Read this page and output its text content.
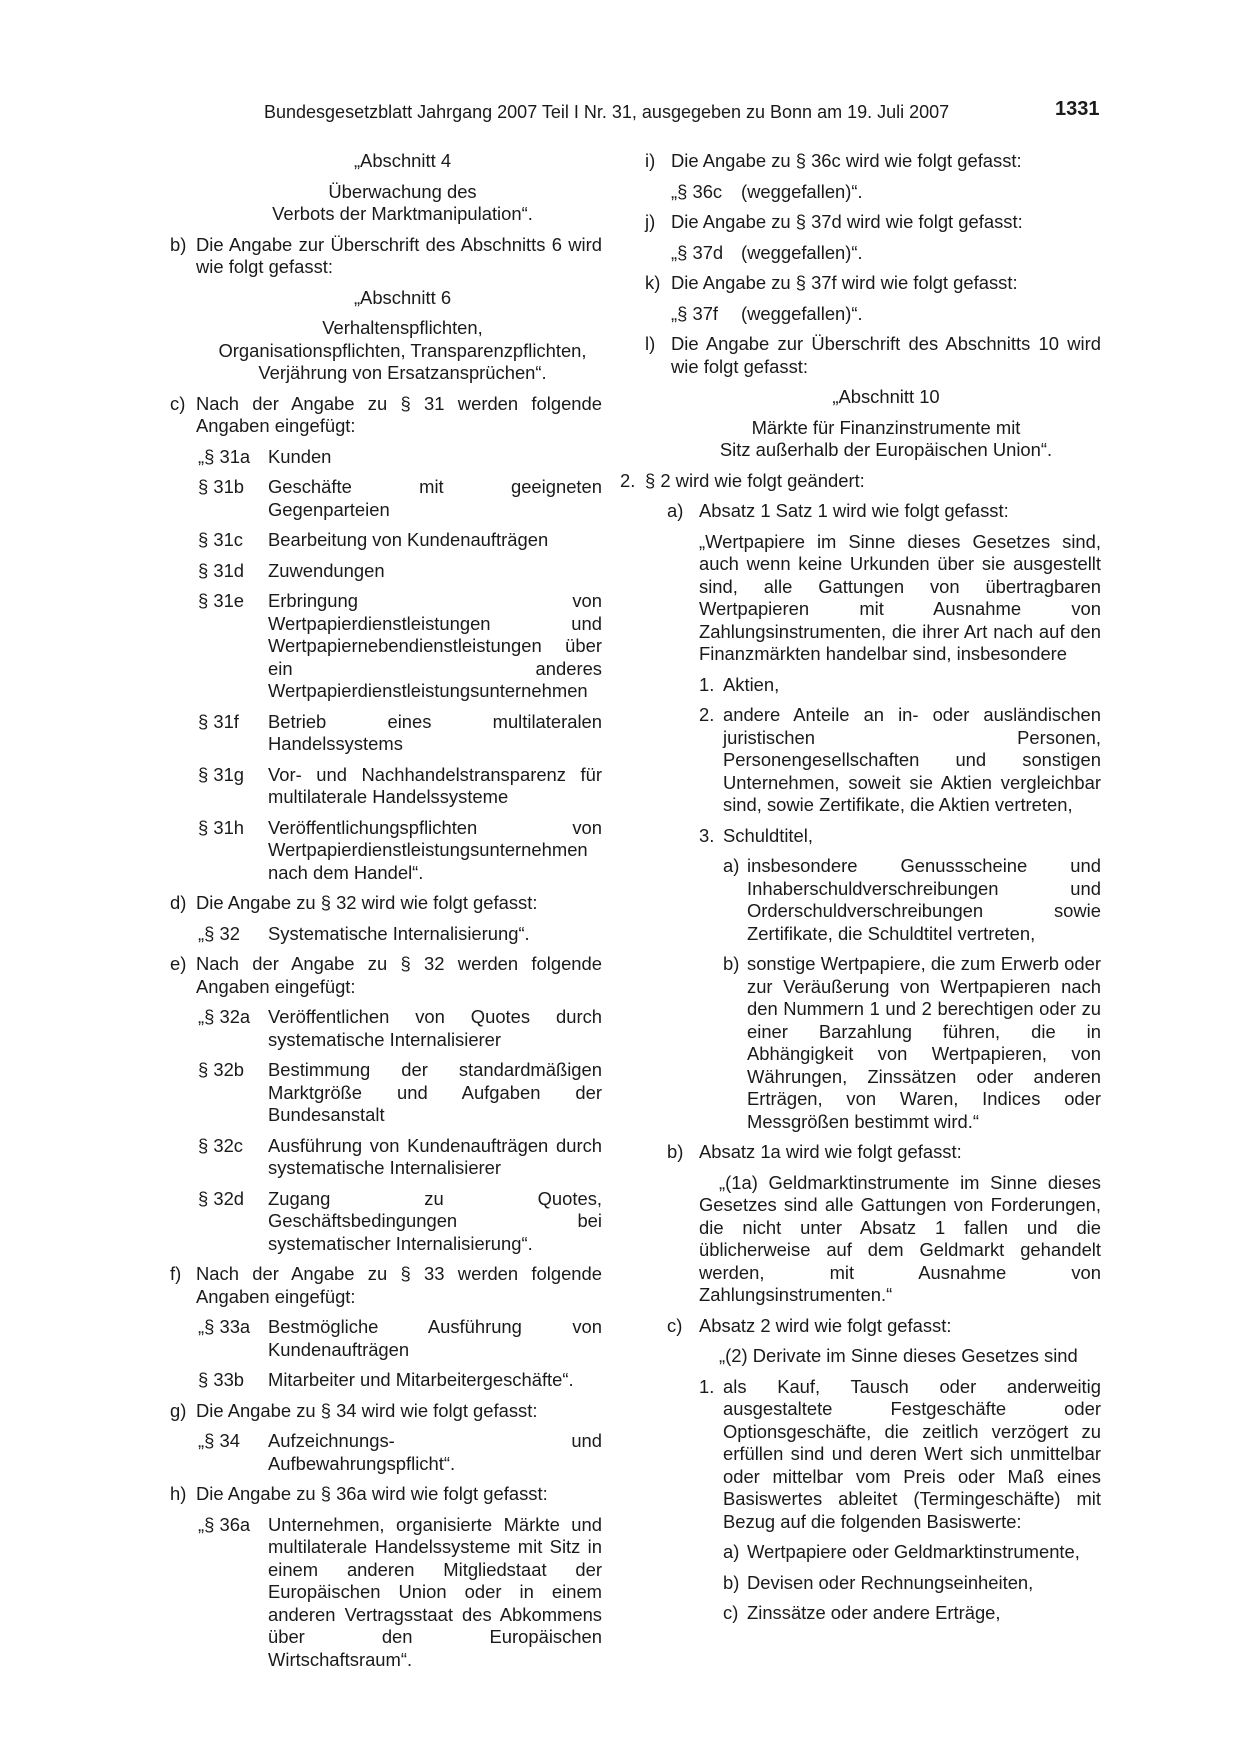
Bundesgesetzblatt Jahrgang 2007 Teil I Nr. 31, ausgegeben zu Bonn am 19. Juli 2007	1331
„Abschnitt 4
Überwachung des
Verbots der Marktmanipulation“.
b) Die Angabe zur Überschrift des Abschnitts 6 wird wie folgt gefasst:
„Abschnitt 6
Verhaltenspflichten,
Organisationspflichten, Transparenzpflichten,
Verjährung von Ersatzansprüchen“.
c) Nach der Angabe zu § 31 werden folgende Angaben eingefügt:
„§ 31a Kunden
§ 31b	Geschäfte mit geeigneten Gegenparteien
§ 31c	Bearbeitung von Kundenaufträgen
§ 31d	Zuwendungen
§ 31e	Erbringung von Wertpapierdienstleistungen und Wertpapiernebendienstleistungen über ein anderes Wertpapierdienstleistungsunternehmen
§ 31f	Betrieb eines multilateralen Handelssystems
§ 31g	Vor- und Nachhandelstransparenz für multilaterale Handelssysteme
§ 31h	Veröffentlichungspflichten von Wertpapierdienstleistungsunternehmen nach dem Handel“.
d) Die Angabe zu § 32 wird wie folgt gefasst:
„§ 32	Systematische Internalisierung“.
e) Nach der Angabe zu § 32 werden folgende Angaben eingefügt:
„§ 32a Veröffentlichen von Quotes durch systematische Internalisierer
§ 32b	Bestimmung der standardmäßigen Marktgröße und Aufgaben der Bundesanstalt
§ 32c	Ausführung von Kundenaufträgen durch systematische Internalisierer
§ 32d	Zugang zu Quotes, Geschäftsbedingungen bei systematischer Internalisierung“.
f) Nach der Angabe zu § 33 werden folgende Angaben eingefügt:
„§ 33a Bestmögliche Ausführung von Kundenaufträgen
§ 33b	Mitarbeiter und Mitarbeitergeschäfte“.
g) Die Angabe zu § 34 wird wie folgt gefasst:
„§ 34	Aufzeichnungs- und Aufbewahrungspflicht“.
h) Die Angabe zu § 36a wird wie folgt gefasst:
„§ 36a Unternehmen, organisierte Märkte und multilaterale Handelssysteme mit Sitz in einem anderen Mitgliedstaat der Europäischen Union oder in einem anderen Vertragsstaat des Abkommens über den Europäischen Wirtschaftsraum“.
i) Die Angabe zu § 36c wird wie folgt gefasst:
„§ 36c	(weggefallen)“.
j) Die Angabe zu § 37d wird wie folgt gefasst:
„§ 37d (weggefallen)“.
k) Die Angabe zu § 37f wird wie folgt gefasst:
„§ 37f	(weggefallen)“.
l) Die Angabe zur Überschrift des Abschnitts 10 wird wie folgt gefasst:
„Abschnitt 10
Märkte für Finanzinstrumente mit
Sitz außerhalb der Europäischen Union“.
2. § 2 wird wie folgt geändert:
a) Absatz 1 Satz 1 wird wie folgt gefasst:
„Wertpapiere im Sinne dieses Gesetzes sind, auch wenn keine Urkunden über sie ausgestellt sind, alle Gattungen von übertragbaren Wertpapieren mit Ausnahme von Zahlungsinstrumenten, die ihrer Art nach auf den Finanzmärkten handelbar sind, insbesondere
1. Aktien,
2. andere Anteile an in- oder ausländischen juristischen Personen, Personengesellschaften und sonstigen Unternehmen, soweit sie Aktien vergleichbar sind, sowie Zertifikate, die Aktien vertreten,
3. Schuldtitel,
a) insbesondere Genussscheine und Inhaberschuldverschreibungen und Orderschuldverschreibungen sowie Zertifikate, die Schuldtitel vertreten,
b) sonstige Wertpapiere, die zum Erwerb oder zur Veräußerung von Wertpapieren nach den Nummern 1 und 2 berechtigen oder zu einer Barzahlung führen, die in Abhängigkeit von Wertpapieren, von Währungen, Zinssätzen oder anderen Erträgen, von Waren, Indices oder Messgrößen bestimmt wird.“
b) Absatz 1a wird wie folgt gefasst:
„(1a) Geldmarktinstrumente im Sinne dieses Gesetzes sind alle Gattungen von Forderungen, die nicht unter Absatz 1 fallen und die üblicherweise auf dem Geldmarkt gehandelt werden, mit Ausnahme von Zahlungsinstrumenten.“
c) Absatz 2 wird wie folgt gefasst:
„(2) Derivate im Sinne dieses Gesetzes sind
1. als Kauf, Tausch oder anderweitig ausgestaltete Festgeschäfte oder Optionsgeschäfte, die zeitlich verzögert zu erfüllen sind und deren Wert sich unmittelbar oder mittelbar vom Preis oder Maß eines Basiswertes ableitet (Termingeschäfte) mit Bezug auf die folgenden Basiswerte:
a) Wertpapiere oder Geldmarktinstrumente,
b) Devisen oder Rechnungseinheiten,
c) Zinssätze oder andere Erträge,
